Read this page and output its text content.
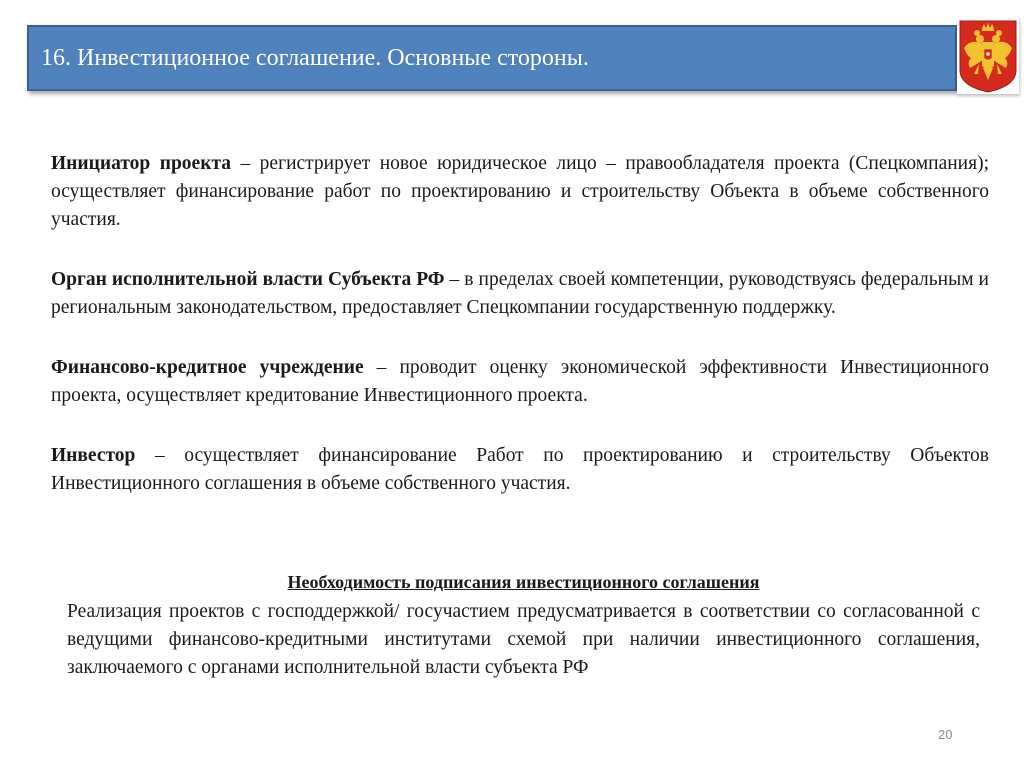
16. Инвестиционное соглашение. Основные стороны.

Инициатор проекта – регистрирует новое юридическое лицо – правообладателя проекта (Спецкомпания); осуществляет финансирование работ по проектированию и строительству Объекта в объеме собственного участия.

Орган исполнительной власти Субъекта РФ – в пределах своей компетенции, руководствуясь федеральным и региональным законодательством, предоставляет Спецкомпании государственную поддержку.

Финансово-кредитное учреждение – проводит оценку экономической эффективности Инвестиционного проекта, осуществляет кредитование Инвестиционного проекта.

Инвестор – осуществляет финансирование Работ по проектированию и строительству Объектов Инвестиционного соглашения в объеме собственного участия.

Необходимость подписания инвестиционного соглашения

Реализация проектов с господдержкой/ госучастием предусматривается в соответствии со согласованной с ведущими финансово-кредитными институтами схемой при наличии инвестиционного соглашения, заключаемого с органами исполнительной власти субъекта РФ

20
